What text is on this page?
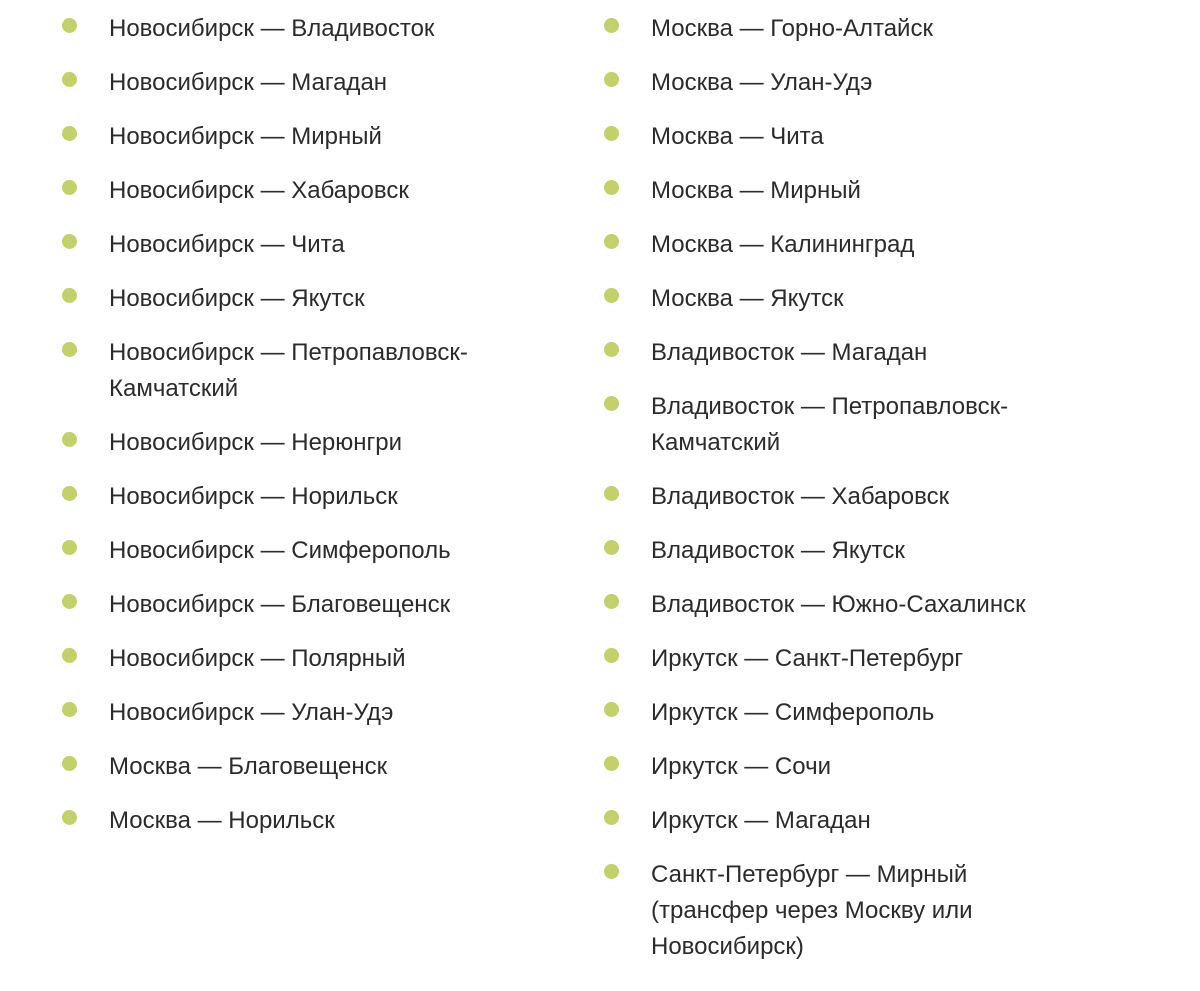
Новосибирск — Владивосток
Новосибирск — Магадан
Новосибирск — Мирный
Новосибирск — Хабаровск
Новосибирск — Чита
Новосибирск — Якутск
Новосибирск — Петропавловск-Камчатский
Новосибирск — Нерюнгри
Новосибирск — Норильск
Новосибирск — Симферополь
Новосибирск — Благовещенск
Новосибирск — Полярный
Новосибирск — Улан-Удэ
Москва — Благовещенск
Москва — Норильск
Москва — Горно-Алтайск
Москва — Улан-Удэ
Москва — Чита
Москва — Мирный
Москва — Калининград
Москва — Якутск
Владивосток — Магадан
Владивосток — Петропавловск-Камчатский
Владивосток — Хабаровск
Владивосток — Якутск
Владивосток — Южно-Сахалинск
Иркутск — Санкт-Петербург
Иркутск — Симферополь
Иркутск — Сочи
Иркутск — Магадан
Санкт-Петербург — Мирный (трансфер через Москву или Новосибирск)
